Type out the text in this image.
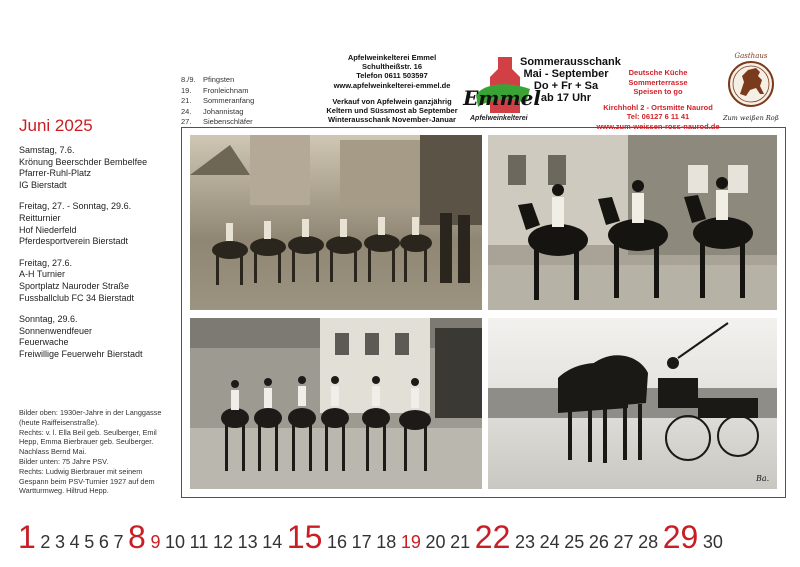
8./9. Pfingsten
19.	Fronleichnam
21.	Sommeranfang
24.	Johannistag
27.	Siebenschläfer
Apfelweinkelterei Emmel
Schultheißstr. 16
Telefon 0611 503597
www.apfelweinkelterei-emmel.de
Verkauf von Apfelwein ganzjährig
Keltern und Süssmost ab September
Winterausschank November-Januar
Emmel
Apfelweinkelterei
Sommerausschank
Mai - September
Do + Fr + Sa
ab 17 Uhr
Deutsche Küche
Sommerterrasse
Speisen to go
Kirchhohl 2 - Ortsmitte Naurod
Tel: 06127 6 11 41
www.zum-weissen-ross-naurod.de
Gasthaus
Zum weißen Roß
Juni 2025
Samstag, 7.6.
Krönung Beerschder Bembelfee
Pfarrer-Ruhl-Platz
IG Bierstadt
Freitag, 27. - Sonntag, 29.6.
Reitturnier
Hof Niederfeld
Pferdesportverein Bierstadt
Freitag, 27.6.
A-H Turnier
Sportplatz Nauroder Straße
Fussballclub FC 34 Bierstadt
Sonntag, 29.6.
Sonnenwendfeuer
Feuerwache
Freiwillige Feuerwehr Bierstadt
Bilder oben: 1930er-Jahre in der Langgasse
(heute Raiffeisenstraße).
Rechts: v. l. Ella Beil geb. Seulberger, Emil
Hepp, Emma Bierbrauer geb. Seulberger.
Nachlass Bernd Mai.
Bilder unten: 75 Jahre PSV.
Rechts: Ludwig Bierbrauer mit seinem
Gespann beim PSV-Turnier 1927 auf dem
Wartturmweg. Hiltrud Hepp.
Ba.
1 2 3 4 5 6 7 8 9 10 11 12 13 14 15 16 17 18 19 20 21 22 23 24 25 26 27 28 29 30
